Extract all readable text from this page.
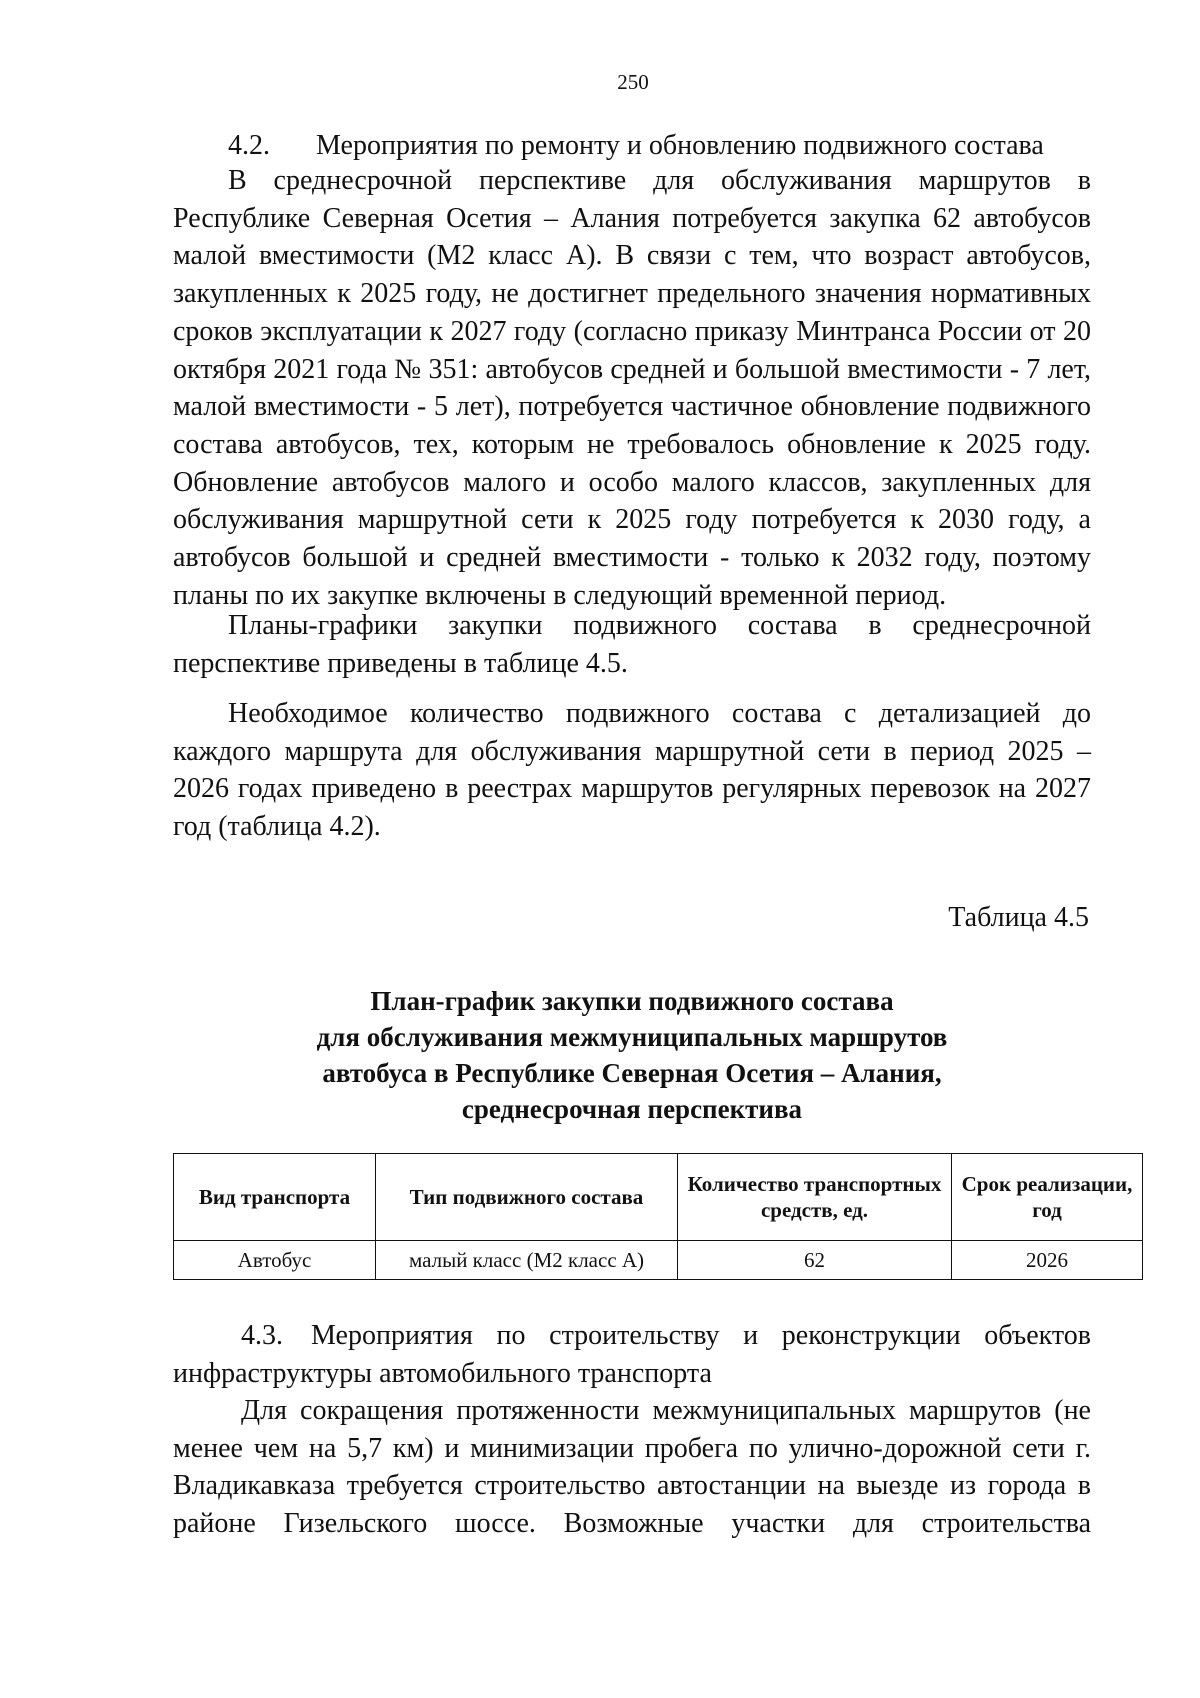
250
4.2. Мероприятия по ремонту и обновлению подвижного состава

В среднесрочной перспективе для обслуживания маршрутов в Республике Северная Осетия – Алания потребуется закупка 62 автобусов малой вместимости (М2 класс А). В связи с тем, что возраст автобусов, закупленных к 2025 году, не достигнет предельного значения нормативных сроков эксплуатации к 2027 году (согласно приказу Минтранса России от 20 октября 2021 года № 351: автобусов средней и большой вместимости - 7 лет, малой вместимости - 5 лет), потребуется частичное обновление подвижного состава автобусов, тех, которым не требовалось обновление к 2025 году. Обновление автобусов малого и особо малого классов, закупленных для обслуживания маршрутной сети к 2025 году потребуется к 2030 году, а автобусов большой и средней вместимости - только к 2032 году, поэтому планы по их закупке включены в следующий временной период.

Планы-графики закупки подвижного состава в среднесрочной перспективе приведены в таблице 4.5.

Необходимое количество подвижного состава с детализацией до каждого маршрута для обслуживания маршрутной сети в период 2025 – 2026 годах приведено в реестрах маршрутов регулярных перевозок на 2027 год (таблица 4.2).

Таблица 4.5
План-график закупки подвижного состава
для обслуживания межмуниципальных маршрутов
автобуса в Республике Северная Осетия – Алания,
среднесрочная перспектива
Вид транспорта	Тип подвижного состава	Количество транспортных средств, ед.	Срок реализации, год
Автобус	малый класс (М2 класс А)	62	2026

4.3. Мероприятия по строительству и реконструкции объектов инфраструктуры автомобильного транспорта

Для сокращения протяженности межмуниципальных маршрутов (не менее чем на 5,7 км) и минимизации пробега по улично-дорожной сети г. Владикавказа требуется строительство автостанции на выезде из города в районе Гизельского шоссе. Возможные участки для строительства
